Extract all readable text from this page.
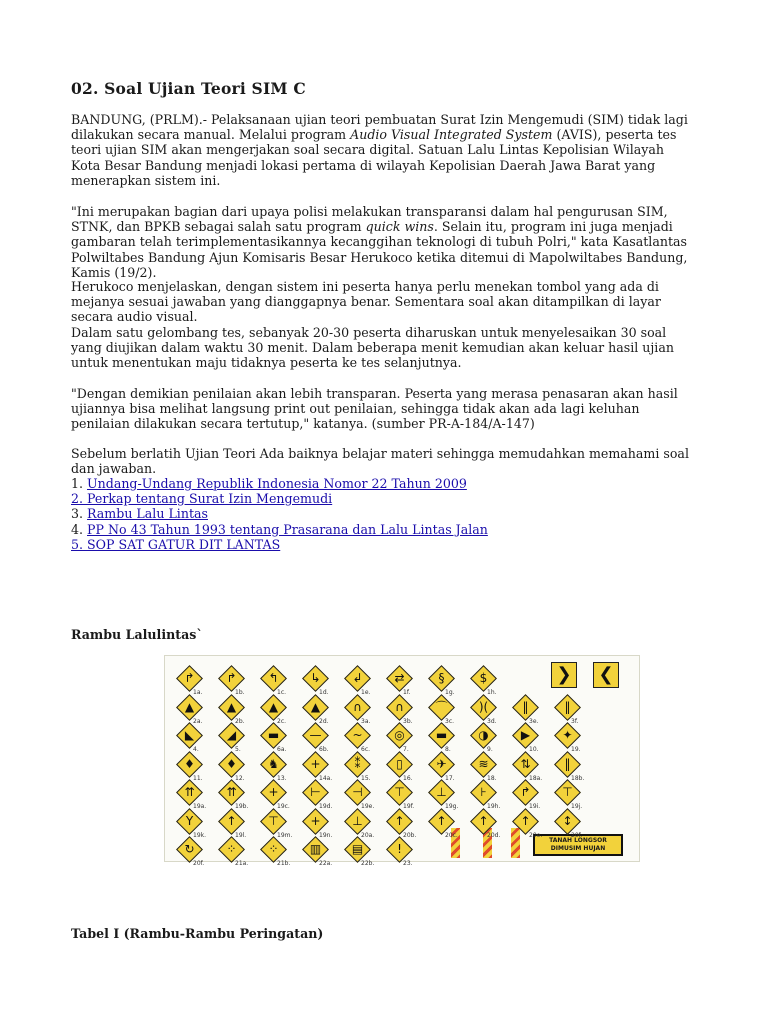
02. Soal Ujian Teori SIM C

BANDUNG, (PRLM).- Pelaksanaan ujian teori pembuatan Surat Izin Mengemudi (SIM) tidak lagi dilakukan secara manual. Melalui program Audio Visual Integrated System (AVIS), peserta tes teori ujian SIM akan mengerjakan soal secara digital. Satuan Lalu Lintas Kepolisian Wilayah Kota Besar Bandung menjadi lokasi pertama di wilayah Kepolisian Daerah Jawa Barat yang menerapkan sistem ini.

"Ini merupakan bagian dari upaya polisi melakukan transparansi dalam hal pengurusan SIM, STNK, dan BPKB sebagai salah satu program quick wins. Selain itu, program ini juga menjadi gambaran telah terimplementasikannya kecanggihan teknologi di tubuh Polri," kata Kasatlantas Polwiltabes Bandung Ajun Komisaris Besar Herukoco ketika ditemui di Mapolwiltabes Bandung, Kamis (19/2).

Herukoco menjelaskan, dengan sistem ini peserta hanya perlu menekan tombol yang ada di mejanya sesuai jawaban yang dianggapnya benar. Sementara soal akan ditampilkan di layar secara audio visual.

Dalam satu gelombang tes, sebanyak 20-30 peserta diharuskan untuk menyelesaikan 30 soal yang diujikan dalam waktu 30 menit. Dalam beberapa menit kemudian akan keluar hasil ujian untuk menentukan maju tidaknya peserta ke tes selanjutnya.

"Dengan demikian penilaian akan lebih transparan. Peserta yang merasa penasaran akan hasil ujiannya bisa melihat langsung print out penilaian, sehingga tidak akan ada lagi keluhan penilaian dilakukan secara tertutup," katanya. (sumber PR-A-184/A-147)

Sebelum berlatih Ujian Teori Ada baiknya belajar materi sehingga memudahkan memahami soal dan jawaban.

1. Undang-Undang Republik Indonesia Nomor 22 Tahun 2009
2. Perkap tentang Surat Izin Mengemudi
3. Rambu Lalu Lintas
4. PP No 43 Tahun 1993 tentang Prasarana dan Lalu Lintas Jalan
5. SOP SAT GATUR DIT LANTAS

Rambu Lalulintas`

Tabel I (Rambu-Rambu Peringatan)

❯ ❮
TANAH LONGSOR DIMUSIM HUJAN
↱
1a.
↱
1b.
↰
1c.
↳
1d.
↲
1e.
⇄
1f.
§
1g.
$
1h.
▲
2a.
▲
2b.
▲
2c.
▲
2d.
∩
3a.
∩
3b.
⌒
3c.
)(
3d.
‖
3e.
‖
3f.
◣
4.
◢
5.
▬
6a.
—
6b.
~
6c.
◎
7.
▬
8.
◑
9.
▶
10.
✦
19.
♦
11.
♦
12.
♞
13.
+
14a.
⁑
15.
▯
16.
✈
17.
≋
18.
⇅
18a.
‖
18b.
⇈
19a.
⇈
19b.
+
19c.
⊢
19d.
⊣
19e.
⊤
19f.
⊥
19g.
⊦
19h.
↱
19i.
⊤
19j.
Y
19k.
↑
19l.
⊤
19m.
+
19n.
⊥
20a.
↑
20b.
↑
20c.
↑
20d.
↑
20e.
↕
20f.
↻
20f.
⁘
21a.
⁘
21b.
▥
22a.
▤
22b.
!
23.
